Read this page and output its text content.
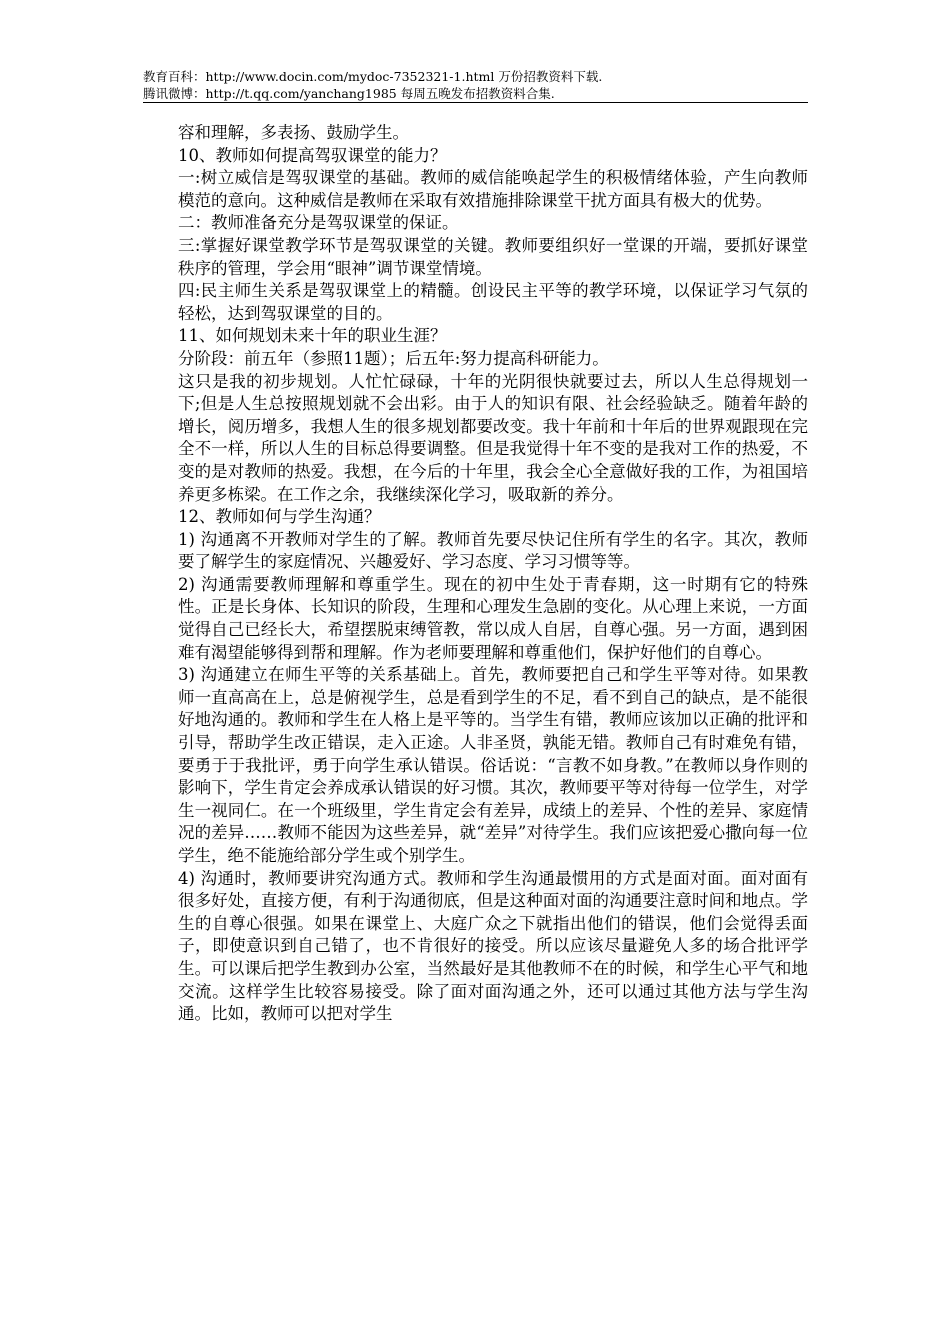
教育百科：http://www.docin.com/mydoc-7352321-1.html 万份招教资料下载.
腾讯微博：http://t.qq.com/yanchang1985 每周五晚发布招教资料合集.

容和理解，多表扬、鼓励学生。

10、教师如何提高驾驭课堂的能力？

一:树立威信是驾驭课堂的基础。教师的威信能唤起学生的积极情绪体验，产生向教师模范的意向。这种威信是教师在采取有效措施排除课堂干扰方面具有极大的优势。

二：教师准备充分是驾驭课堂的保证。

三:掌握好课堂教学环节是驾驭课堂的关键。教师要组织好一堂课的开端，要抓好课堂秩序的管理，学会用“眼神”调节课堂情境。

四:民主师生关系是驾驭课堂上的精髓。创设民主平等的教学环境，以保证学习气氛的轻松，达到驾驭课堂的目的。

11、如何规划未来十年的职业生涯？

分阶段：前五年（参照11题）；后五年:努力提高科研能力。

这只是我的初步规划。人忙忙碌碌，十年的光阴很快就要过去，所以人生总得规划一下;但是人生总按照规划就不会出彩。由于人的知识有限、社会经验缺乏。随着年龄的增长，阅历增多，我想人生的很多规划都要改变。我十年前和十年后的世界观跟现在完全不一样，所以人生的目标总得要调整。但是我觉得十年不变的是我对工作的热爱，不变的是对教师的热爱。我想，在今后的十年里，我会全心全意做好我的工作，为祖国培养更多栋梁。在工作之余，我继续深化学习，吸取新的养分。

12、教师如何与学生沟通？

1) 沟通离不开教师对学生的了解。教师首先要尽快记住所有学生的名字。其次，教师要了解学生的家庭情况、兴趣爱好、学习态度、学习习惯等等。

2) 沟通需要教师理解和尊重学生。现在的初中生处于青春期，这一时期有它的特殊性。正是长身体、长知识的阶段，生理和心理发生急剧的变化。从心理上来说，一方面觉得自己已经长大，希望摆脱束缚管教，常以成人自居，自尊心强。另一方面，遇到困难有渴望能够得到帮和理解。作为老师要理解和尊重他们，保护好他们的自尊心。

3) 沟通建立在师生平等的关系基础上。首先，教师要把自己和学生平等对待。如果教师一直高高在上，总是俯视学生，总是看到学生的不足，看不到自己的缺点，是不能很好地沟通的。教师和学生在人格上是平等的。当学生有错，教师应该加以正确的批评和引导，帮助学生改正错误，走入正途。人非圣贤，孰能无错。教师自己有时难免有错，要勇于于我批评，勇于向学生承认错误。俗话说：“言教不如身教。”在教师以身作则的影响下，学生肯定会养成承认错误的好习惯。其次，教师要平等对待每一位学生，对学生一视同仁。在一个班级里，学生肯定会有差异，成绩上的差异、个性的差异、家庭情况的差异……教师不能因为这些差异，就“差异”对待学生。我们应该把爱心撒向每一位学生，绝不能施给部分学生或个别学生。

4) 沟通时，教师要讲究沟通方式。教师和学生沟通最惯用的方式是面对面。面对面有很多好处，直接方便，有利于沟通彻底，但是这种面对面的沟通要注意时间和地点。学生的自尊心很强。如果在课堂上、大庭广众之下就指出他们的错误，他们会觉得丢面子，即使意识到自己错了，也不肯很好的接受。所以应该尽量避免人多的场合批评学生。可以课后把学生教到办公室，当然最好是其他教师不在的时候，和学生心平气和地交流。这样学生比较容易接受。除了面对面沟通之外，还可以通过其他方法与学生沟通。比如，教师可以把对学生
